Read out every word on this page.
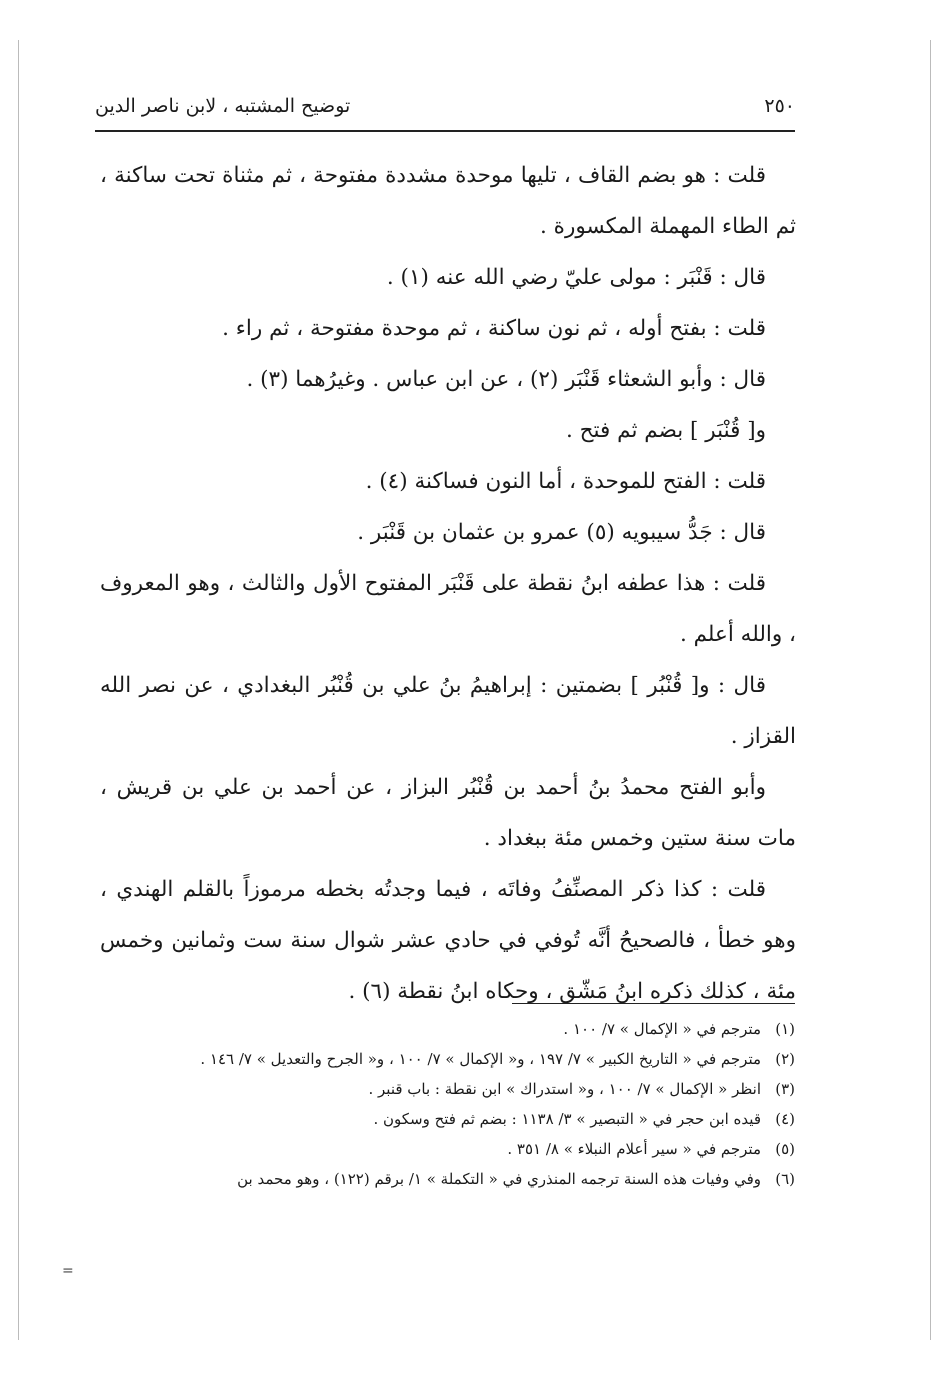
٢٥٠
توضيح المشتبه ، لابن ناصر الدين

قلت : هو بضم القاف ، تليها موحدة مشددة مفتوحة ، ثم مثناة تحت ساكنة ، ثم الطاء المهملة المكسورة .

قال : قَنْبَر : مولى عليّ رضي الله عنه (١) .

قلت : بفتح أوله ، ثم نون ساكنة ، ثم موحدة مفتوحة ، ثم راء .

قال : وأبو الشعثاء قَنْبَر (٢) ، عن ابن عباس . وغيرُهما (٣) .

و[ قُنْبَر ] بضم ثم فتح .

قلت : الفتح للموحدة ، أما النون فساكنة (٤) .

قال : جَدُّ سيبويه (٥) عمرو بن عثمان بن قَنْبَر .

قلت : هذا عطفه ابنُ نقطة على قَنْبَر المفتوح الأول والثالث ، وهو المعروف ، والله أعلم .

قال : و[ قُنْبُر ] بضمتين : إبراهيمُ بنُ علي بن قُنْبُر البغدادي ، عن نصر الله القزاز .

وأبو الفتح محمدُ بنُ أحمد بن قُنْبُر البزاز ، عن أحمد بن علي بن قريش ، مات سنة ستين وخمس مئة ببغداد .

قلت : كذا ذكر المصنِّفُ وفاتَه ، فيما وجدتُه بخطه مرموزاً بالقلم الهندي ، وهو خطأ ، فالصحيحُ أنَّه تُوفي في حادي عشر شوال سنة ست وثمانين وخمس مئة ، كذلك ذكره ابنُ مَشّق ، وحكاه ابنُ نقطة (٦) .

(١)
مترجم في « الإكمال » ٧/ ١٠٠ .

(٢)
مترجم في « التاريخ الكبير » ٧/ ١٩٧ ، و« الإكمال » ٧/ ١٠٠ ، و« الجرح والتعديل » ٧/ ١٤٦ .

(٣)
انظر « الإكمال » ٧/ ١٠٠ ، و« استدراك » ابن نقطة : باب قنبر .

(٤)
قيده ابن حجر في « التبصير » ٣/ ١١٣٨ : بضم ثم فتح وسكون .

(٥)
مترجم في « سير أعلام النبلاء » ٨/ ٣٥١ .

(٦)
وفي وفيات هذه السنة ترجمه المنذري في « التكملة » ١/ برقم (١٢٢) ، وهو محمد بن

=
